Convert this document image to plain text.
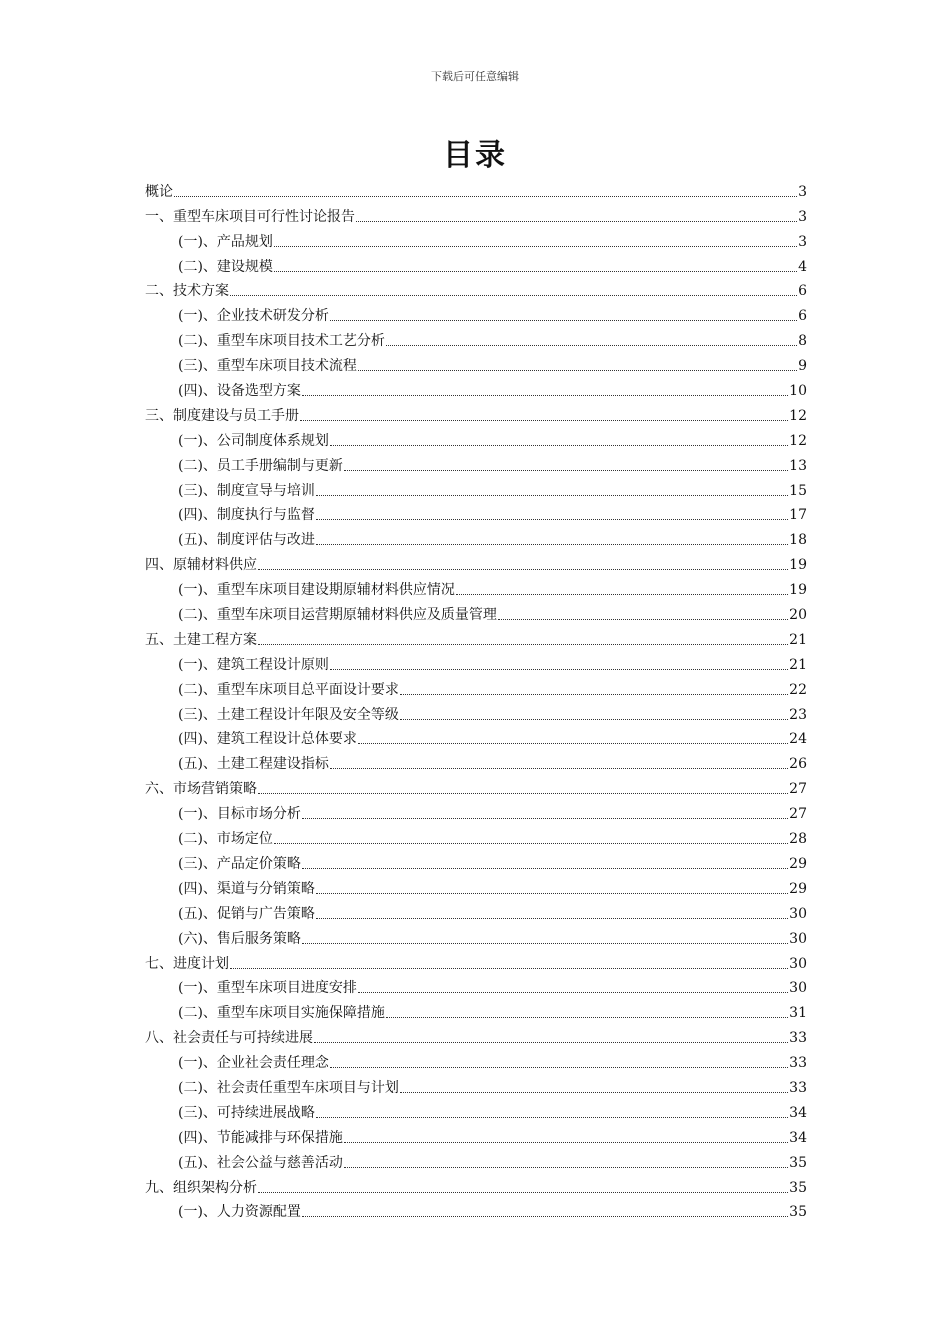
下载后可任意编辑
目录
概论	3
一、重型车床项目可行性讨论报告	3
(一)、产品规划	3
(二)、建设规模	4
二、技术方案	6
(一)、企业技术研发分析	6
(二)、重型车床项目技术工艺分析	8
(三)、重型车床项目技术流程	9
(四)、设备选型方案	10
三、制度建设与员工手册	12
(一)、公司制度体系规划	12
(二)、员工手册编制与更新	13
(三)、制度宣导与培训	15
(四)、制度执行与监督	17
(五)、制度评估与改进	18
四、原辅材料供应	19
(一)、重型车床项目建设期原辅材料供应情况	19
(二)、重型车床项目运营期原辅材料供应及质量管理	20
五、土建工程方案	21
(一)、建筑工程设计原则	21
(二)、重型车床项目总平面设计要求	22
(三)、土建工程设计年限及安全等级	23
(四)、建筑工程设计总体要求	24
(五)、土建工程建设指标	26
六、市场营销策略	27
(一)、目标市场分析	27
(二)、市场定位	28
(三)、产品定价策略	29
(四)、渠道与分销策略	29
(五)、促销与广告策略	30
(六)、售后服务策略	30
七、进度计划	30
(一)、重型车床项目进度安排	30
(二)、重型车床项目实施保障措施	31
八、社会责任与可持续进展	33
(一)、企业社会责任理念	33
(二)、社会责任重型车床项目与计划	33
(三)、可持续进展战略	34
(四)、节能减排与环保措施	34
(五)、社会公益与慈善活动	35
九、组织架构分析	35
(一)、人力资源配置	35
